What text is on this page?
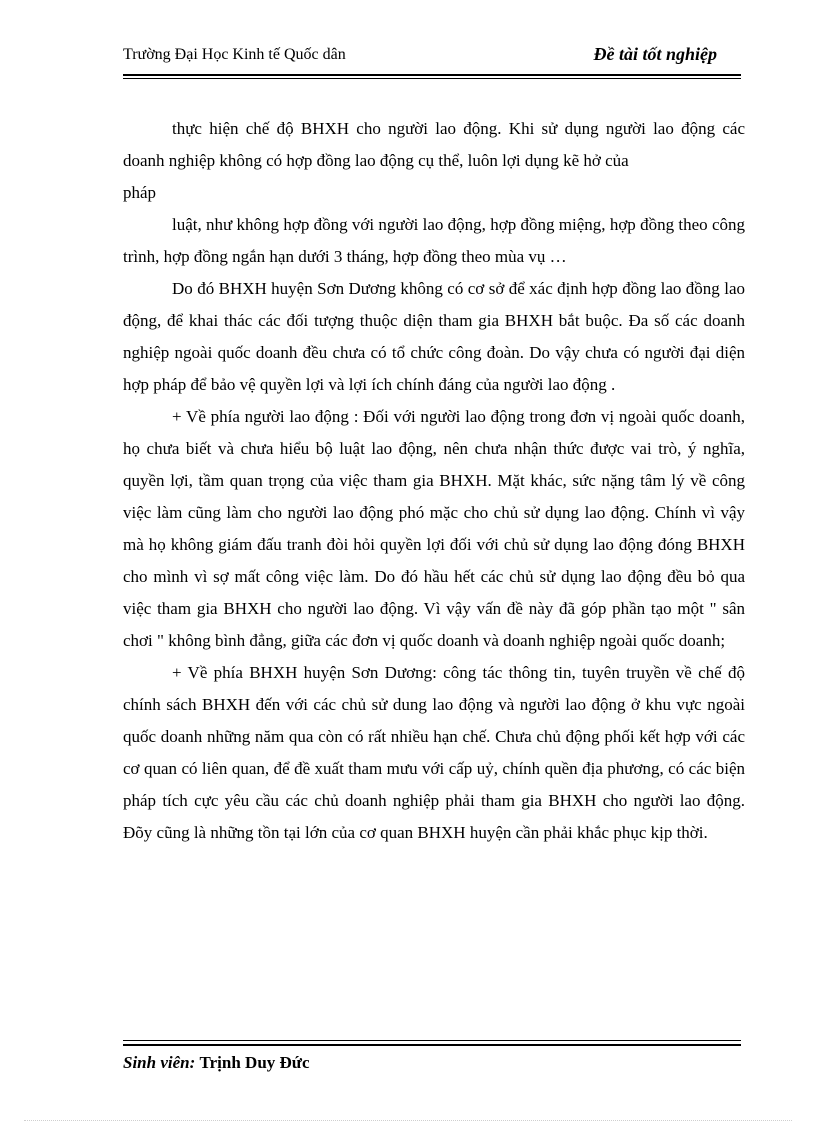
Trường Đại Học Kinh tế Quốc dân	Đề tài tốt nghiệp

thực hiện chế độ BHXH cho người lao động. Khi sử dụng người lao động các doanh nghiệp không có hợp đồng lao động cụ thể, luôn lợi dụng kẽ hở của

pháp

luật, như không hợp đồng với người lao động, hợp đồng miệng, hợp đồng theo công trình, hợp đồng ngắn hạn dưới 3 tháng, hợp đồng theo mùa vụ …

Do đó BHXH huyện Sơn Dương không có cơ sở để xác định hợp đồng lao đồng lao động, để khai thác các đối tượng thuộc diện tham gia BHXH bắt buộc. Đa số các doanh nghiệp ngoài quốc doanh đều chưa có tổ chức công đoàn. Do vậy chưa có người đại diện hợp pháp để bảo vệ quyền lợi và lợi ích chính đáng của người lao động .

+ Về phía người lao động : Đối với người lao động trong đơn vị ngoài quốc doanh, họ chưa biết và chưa hiểu bộ luật lao động, nên chưa nhận thức được vai trò, ý nghĩa, quyền lợi, tầm quan trọng của việc tham gia BHXH. Mặt khác, sức nặng tâm lý về công việc làm cũng làm cho người lao động phó mặc cho chủ sử dụng lao động. Chính vì vậy mà họ không giám đấu tranh đòi hỏi quyền lợi đối với chủ sử dụng lao động đóng BHXH cho mình vì sợ mất công việc làm. Do đó hầu hết các chủ sử dụng lao động đều bỏ qua việc tham gia BHXH cho người lao động. Vì vậy vấn đề này đã góp phần tạo một " sân chơi " không bình đẳng, giữa các đơn vị quốc doanh và doanh nghiệp ngoài quốc doanh;

+ Về phía BHXH huyện Sơn Dương: công tác thông tin, tuyên truyền về chế độ chính sách BHXH đến với các chủ sử dung lao động và người lao động ở khu vực ngoài quốc doanh những năm qua còn có rất nhiều hạn chế. Chưa chủ động phối kết hợp với các cơ quan có liên quan, để đề xuất tham mưu với cấp uỷ, chính quền địa phương, có các biện pháp tích cực yêu cầu các chủ doanh nghiệp phải tham gia BHXH cho người lao động. Đõy cũng là những tồn tại lớn của cơ quan BHXH huyện cần phải khắc phục kịp thời.

Sinh viên: Trịnh Duy Đức
